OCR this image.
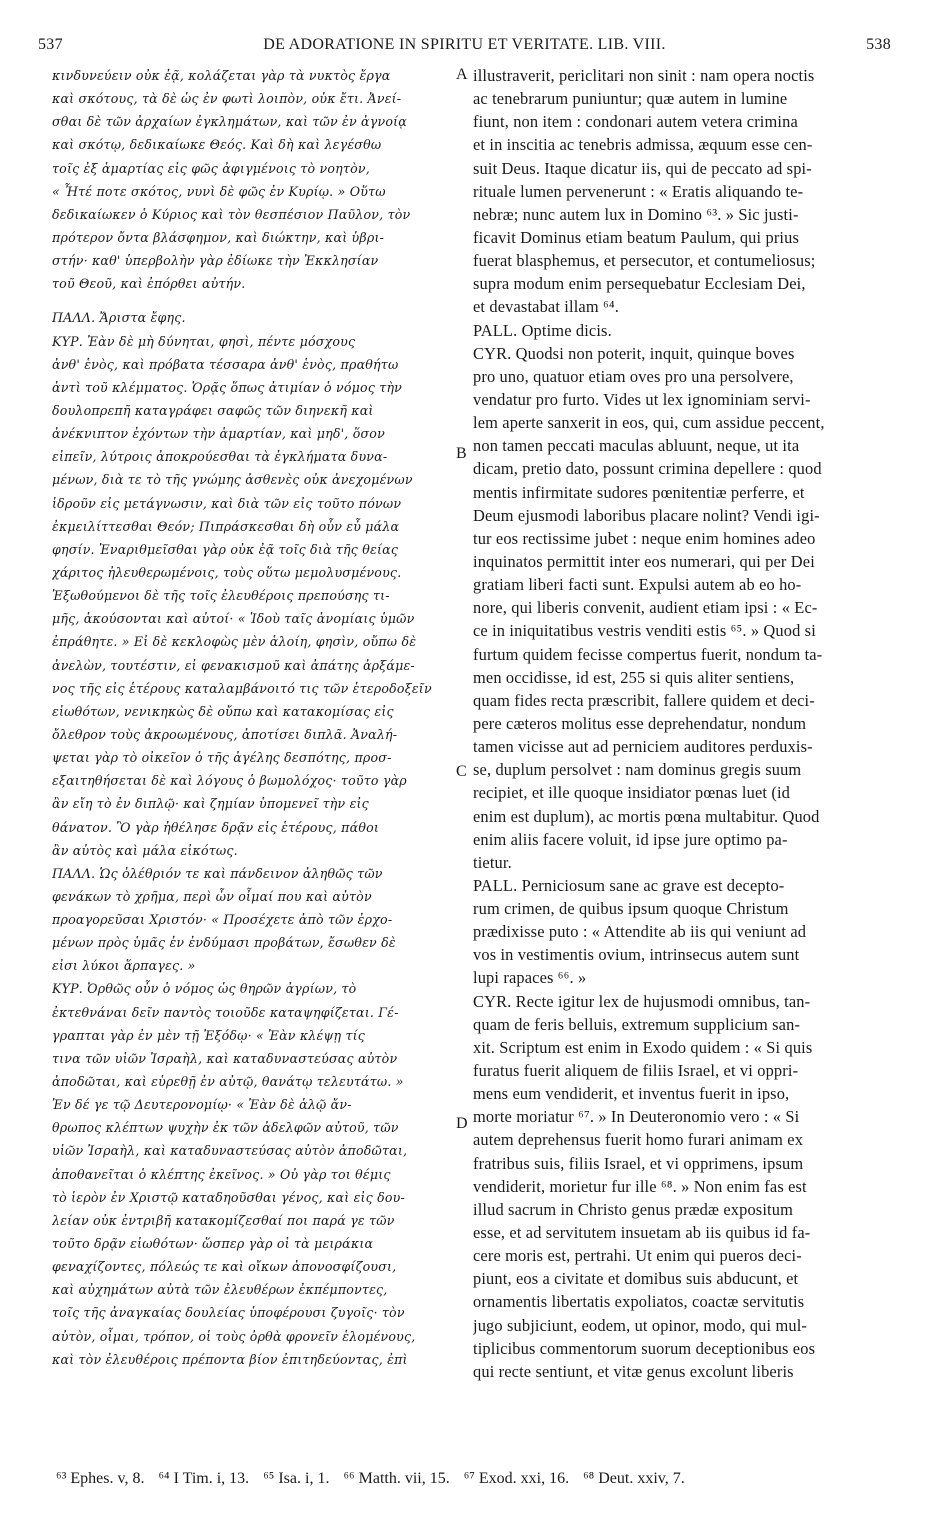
537	DE ADORATIONE IN SPIRITU ET VERITATE. LIB. VIII.	538
κινδυνεύειν οὐκ ἐᾷ, κολάζεται γὰρ τὰ νυκτὸς ἔργα
καὶ σκότους, τὰ δὲ ὡς ἐν φωτὶ λοιπὸν, οὐκ ἔτι. Ἀνεί-
σθαι δὲ τῶν ἀρχαίων ἐγκλημάτων, καὶ τῶν ἐν ἀγνοίᾳ
καὶ σκότῳ, δεδικαίωκε Θεός. Καὶ δὴ καὶ λεγέσθω
τοῖς ἐξ ἁμαρτίας εἰς φῶς ἀφιγμένοις τὸ νοητὸν,
« Ἦτέ ποτε σκότος, νυνὶ δὲ φῶς ἐν Κυρίῳ. » Οὕτω
δεδικαίωκεν ὁ Κύριος καὶ τὸν θεσπέσιον Παῦλον, τὸν
πρότερον ὄντα βλάσφημον, καὶ διώκτην, καὶ ὑβρι-
στήν· καθ' ὑπερβολὴν γὰρ ἐδίωκε τὴν Ἐκκλησίαν
τοῦ Θεοῦ, καὶ ἐπόρθει αὐτήν.
ΠΑΛΛ. Ἄριστα ἔφης.
ΚΥΡ. Ἐὰν δὲ μὴ δύνηται, φησὶ, πέντε μόσχους
ἀνθ' ἑνὸς, καὶ πρόβατα τέσσαρα ἀνθ' ἑνὸς, πραθήτω
ἀντὶ τοῦ κλέμματος. Ὁρᾷς ὅπως ἀτιμίαν ὁ νόμος τὴν
δουλοπρεπῆ καταγράφει σαφῶς τῶν διηνεκῆ καὶ
ἀνέκνιπτον ἐχόντων τὴν ἁμαρτίαν, καὶ μηδ', ὅσον
εἰπεῖν, λύτροις ἀποκρούεσθαι τὰ ἐγκλήματα δυνα-
μένων, διὰ τε τὸ τῆς γνώμης ἀσθενὲς οὐκ ἀνεχομένων
ἱδροῦν εἰς μετάγνωσιν, καὶ διὰ τῶν εἰς τοῦτο πόνων
ἐκμειλίττεσθαι Θεόν; Πιπράσκεσθαι δὴ οὖν εὖ μάλα
φησίν. Ἐναριθμεῖσθαι γὰρ οὐκ ἐᾷ τοῖς διὰ τῆς θείας
χάριτος ἠλευθερωμένοις, τοὺς οὕτω μεμολυσμένους.
Ἐξωθούμενοι δὲ τῆς τοῖς ἐλευθέροις πρεπούσης τι-
μῆς, ἀκούσονται καὶ αὐτοί· « Ἰδοὺ ταῖς ἀνομίαις ὑμῶν
ἐπράθητε. » Εἰ δὲ κεκλοφὼς μὲν ἁλοίη, φησὶν, οὔπω δὲ
ἀνελὼν, τουτέστιν, εἰ φενακισμοῦ καὶ ἀπάτης ἀρξάμε-
νος τῆς εἰς ἑτέρους καταλαμβάνοιτό τις τῶν ἑτεροδοξεῖν
εἰωθότων, νενικηκὼς δὲ οὔπω καὶ κατακομίσας εἰς
ὄλεθρον τοὺς ἀκροωμένους, ἀποτίσει διπλᾶ. Ἀναλή-
ψεται γὰρ τὸ οἰκεῖον ὁ τῆς ἀγέλης δεσπότης, προσ-
εξαιτηθήσεται δὲ καὶ λόγους ὁ βωμολόχος· τοῦτο γὰρ
ἂν εἴη τὸ ἐν διπλῷ· καὶ ζημίαν ὑπομενεῖ τὴν εἰς
θάνατον. Ὃ γὰρ ἠθέλησε δρᾷν εἰς ἑτέρους, πάθοι
ἂν αὐτὸς καὶ μάλα εἰκότως.
ΠΑΛΛ. Ὡς ὀλέθριόν τε καὶ πάνδεινον ἀληθῶς τῶν
φενάκων τὸ χρῆμα, περὶ ὧν οἶμαί που καὶ αὐτὸν
προαγορεῦσαι Χριστόν· « Προσέχετε ἀπὸ τῶν ἐρχο-
μένων πρὸς ὑμᾶς ἐν ἐνδύμασι προβάτων, ἔσωθεν δὲ
εἰσι λύκοι ἅρπαγες. »
ΚΥΡ. Ὀρθῶς οὖν ὁ νόμος ὡς θηρῶν ἀγρίων, τὸ
ἐκτεθνάναι δεῖν παντὸς τοιοῦδε καταψηφίζεται. Γέ-
γραπται γὰρ ἐν μὲν τῇ Ἐξόδῳ· « Ἐὰν κλέψῃ τίς
τινα τῶν υἱῶν Ἰσραὴλ, καὶ καταδυναστεύσας αὐτὸν
ἀποδῶται, καὶ εὑρεθῇ ἐν αὐτῷ, θανάτῳ τελευτάτω. »
Ἐν δέ γε τῷ Δευτερονομίῳ· « Ἐὰν δὲ ἁλῷ ἄν-
θρωπος κλέπτων ψυχὴν ἐκ τῶν ἀδελφῶν αὐτοῦ, τῶν
υἱῶν Ἰσραὴλ, καὶ καταδυναστεύσας αὐτὸν ἀποδῶται,
ἀποθανεῖται ὁ κλέπτης ἐκεῖνος. » Οὐ γὰρ τοι θέμις
τὸ ἱερὸν ἐν Χριστῷ καταδηοῦσθαι γένος, καὶ εἰς δου-
λείαν οὐκ ἐντριβῆ κατακομίζεσθαί ποι παρά γε τῶν
τοῦτο δρᾷν εἰωθότων· ὥσπερ γὰρ οἱ τὰ μειράκια
φεναχίζοντες, πόλεώς τε καὶ οἴκων ἀπονοσφίζουσι,
καὶ αὐχημάτων αὐτὰ τῶν ἐλευθέρων ἐκπέμποντες,
τοῖς τῆς ἀναγκαίας δουλείας ὑποφέρουσι ζυγοῖς· τὸν
αὐτὸν, οἶμαι, τρόπον, οἱ τοὺς ὀρθὰ φρονεῖν ἑλομένους,
καὶ τὸν ἐλευθέροις πρέποντα βίον ἐπιτηδεύοντας, ἐπὶ
illustraverit, periclitari non sinit : nam opera noctis
ac tenebrarum puniuntur; quæ autem in lumine
fiunt, non item : condonari autem vetera crimina
et in inscitia ac tenebris admissa, æquum esse cen-
suit Deus. Itaque dicatur iis, qui de peccato ad spi-
rituale lumen pervenerunt : « Eratis aliquando te-
nebræ; nunc autem lux in Domino ⁶³. » Sic justi-
ficavit Dominus etiam beatum Paulum, qui prius
fuerat blasphemus, et persecutor, et contumeliosus;
supra modum enim persequebatur Ecclesiam Dei,
et devastabat illam ⁶⁴.
PALL. Optime dicis.
CYR. Quodsi non poterit, inquit, quinque boves
pro uno, quatuor etiam oves pro una persolvere,
vendatur pro furto. Vides ut lex ignominiam servi-
lem aperte sanxerit in eos, qui, cum assidue peccent,
non tamen peccati maculas abluunt, neque, ut ita
dicam, pretio dato, possunt crimina depellere : quod
mentis infirmitate sudores pœnitentiæ perferre, et
Deum ejusmodi laboribus placare nolint? Vendi igi-
tur eos rectissime jubet : neque enim homines adeo
inquinatos permittit inter eos numerari, qui per Dei
gratiam liberi facti sunt. Expulsi autem ab eo ho-
nore, qui liberis convenit, audient etiam ipsi : « Ec-
ce in iniquitatibus vestris venditi estis ⁶⁵. » Quod si
furtum quidem fecisse compertus fuerit, nondum ta-
men occidisse, id est, 255 si quis aliter sentiens,
quam fides recta præscribit, fallere quidem et deci-
pere cæteros molitus esse deprehendatur, nondum
tamen vicisse aut ad perniciem auditores perduxis-
se, duplum persolvet : nam dominus gregis suum
recipiet, et ille quoque insidiator pœnas luet (id
enim est duplum), ac mortis pœna multabitur. Quod
enim aliis facere voluit, id ipse jure optimo pa-
tietur.
PALL. Perniciosum sane ac grave est decepto-
rum crimen, de quibus ipsum quoque Christum
prædixisse puto : « Attendite ab iis qui veniunt ad
vos in vestimentis ovium, intrinsecus autem sunt
lupi rapaces ⁶⁶. »
CYR. Recte igitur lex de hujusmodi omnibus, tan-
quam de feris belluis, extremum supplicium san-
xit. Scriptum est enim in Exodo quidem : « Si quis
furatus fuerit aliquem de filiis Israel, et vi oppri-
mens eum vendiderit, et inventus fuerit in ipso,
morte moriatur ⁶⁷. » In Deuteronomio vero : « Si
autem deprehensus fuerit homo furari animam ex
fratribus suis, filiis Israel, et vi opprimens, ipsum
vendiderit, morietur fur ille ⁶⁸. » Non enim fas est
illud sacrum in Christo genus prædæ expositum
esse, et ad servitutem insuetam ab iis quibus id fa-
cere moris est, pertrahi. Ut enim qui pueros deci-
piunt, eos a civitate et domibus suis abducunt, et
ornamentis libertatis expoliatos, coactæ servitutis
jugo subjiciunt, eodem, ut opinor, modo, qui mul-
tiplicibus commentorum suorum deceptionibus eos
qui recte sentiunt, et vitæ genus excolunt liberis
A
B
C
D
⁶³ Ephes. v, 8. ⁶⁴ I Tim. i, 13. ⁶⁵ Isa. i, 1. ⁶⁶ Matth. vii, 15. ⁶⁷ Exod. xxi, 16. ⁶⁸ Deut. xxiv, 7.
